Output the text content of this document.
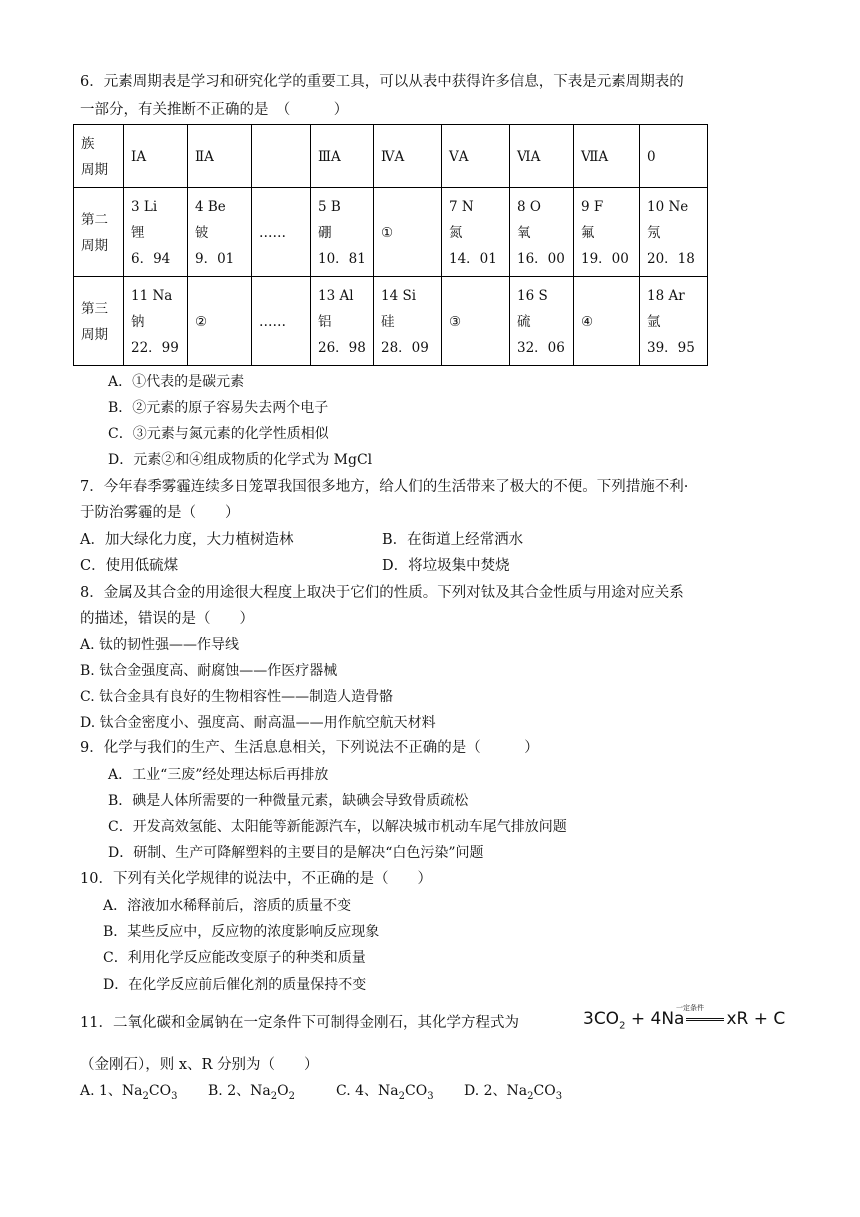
6．元素周期表是学习和研究化学的重要工具，可以从表中获得许多信息，下表是元素周期表的
一部分，有关推断不正确的是　（　　　）
族
周期	ⅠA	ⅡA		ⅢA	ⅣA	ⅤA	ⅥA	ⅦA	0

第二
周期	3 Li
锂
6．94	4 Be
铍
9．01	……	5 B
硼
10．81	①	7 N
氮
14．01	8 O
氧
16．00	9 F
氟
19．00	10 Ne
氖
20．18

第三
周期	11 Na
钠
22．99	②	……	13 Al
铝
26．98	14 Si
硅
28．09	③	16 S
硫
32．06	④	18 Ar
氩
39．95
A．①代表的是碳元素
B．②元素的原子容易失去两个电子
C．③元素与氮元素的化学性质相似
D．元素②和④组成物质的化学式为 MgCl
7．今年春季雾霾连续多日笼罩我国很多地方，给人们的生活带来了极大的不便。下列措施不利·
于防治雾霾的是（　　）
A．加大绿化力度，大力植树造林	B．在街道上经常洒水
C．使用低硫煤	D．将垃圾集中焚烧
8．金属及其合金的用途很大程度上取决于它们的性质。下列对钛及其合金性质与用途对应关系
的描述，错误的是（　　）
A. 钛的韧性强——作导线
B. 钛合金强度高、耐腐蚀——作医疗器械
C. 钛合金具有良好的生物相容性——制造人造骨骼
D. 钛合金密度小、强度高、耐高温——用作航空航天材料
9．化学与我们的生产、生活息息相关，下列说法不正确的是（　　　）
A．工业“三废”经处理达标后再排放
B．碘是人体所需要的一种微量元素，缺碘会导致骨质疏松
C．开发高效氢能、太阳能等新能源汽车，以解决城市机动车尾气排放问题
D．研制、生产可降解塑料的主要目的是解决“白色污染”问题
10．下列有关化学规律的说法中，不正确的是（　　）
A．溶液加水稀释前后，溶质的质量不变
B．某些反应中，反应物的浓度影响反应现象
C．利用化学反应能改变原子的种类和质量
D．在化学反应前后催化剂的质量保持不变
11．二氧化碳和金属钠在一定条件下可制得金刚石，其化学方程式为
一定条件
$3CO_2 + 4Na$ xR + C
（金刚石），则 x、R 分别为（　　）
A. 1、$Na_2CO_3$ B. 2、$Na_2O_2$	C. 4、$Na_2CO_3$ D. 2、$Na_2CO_3$
